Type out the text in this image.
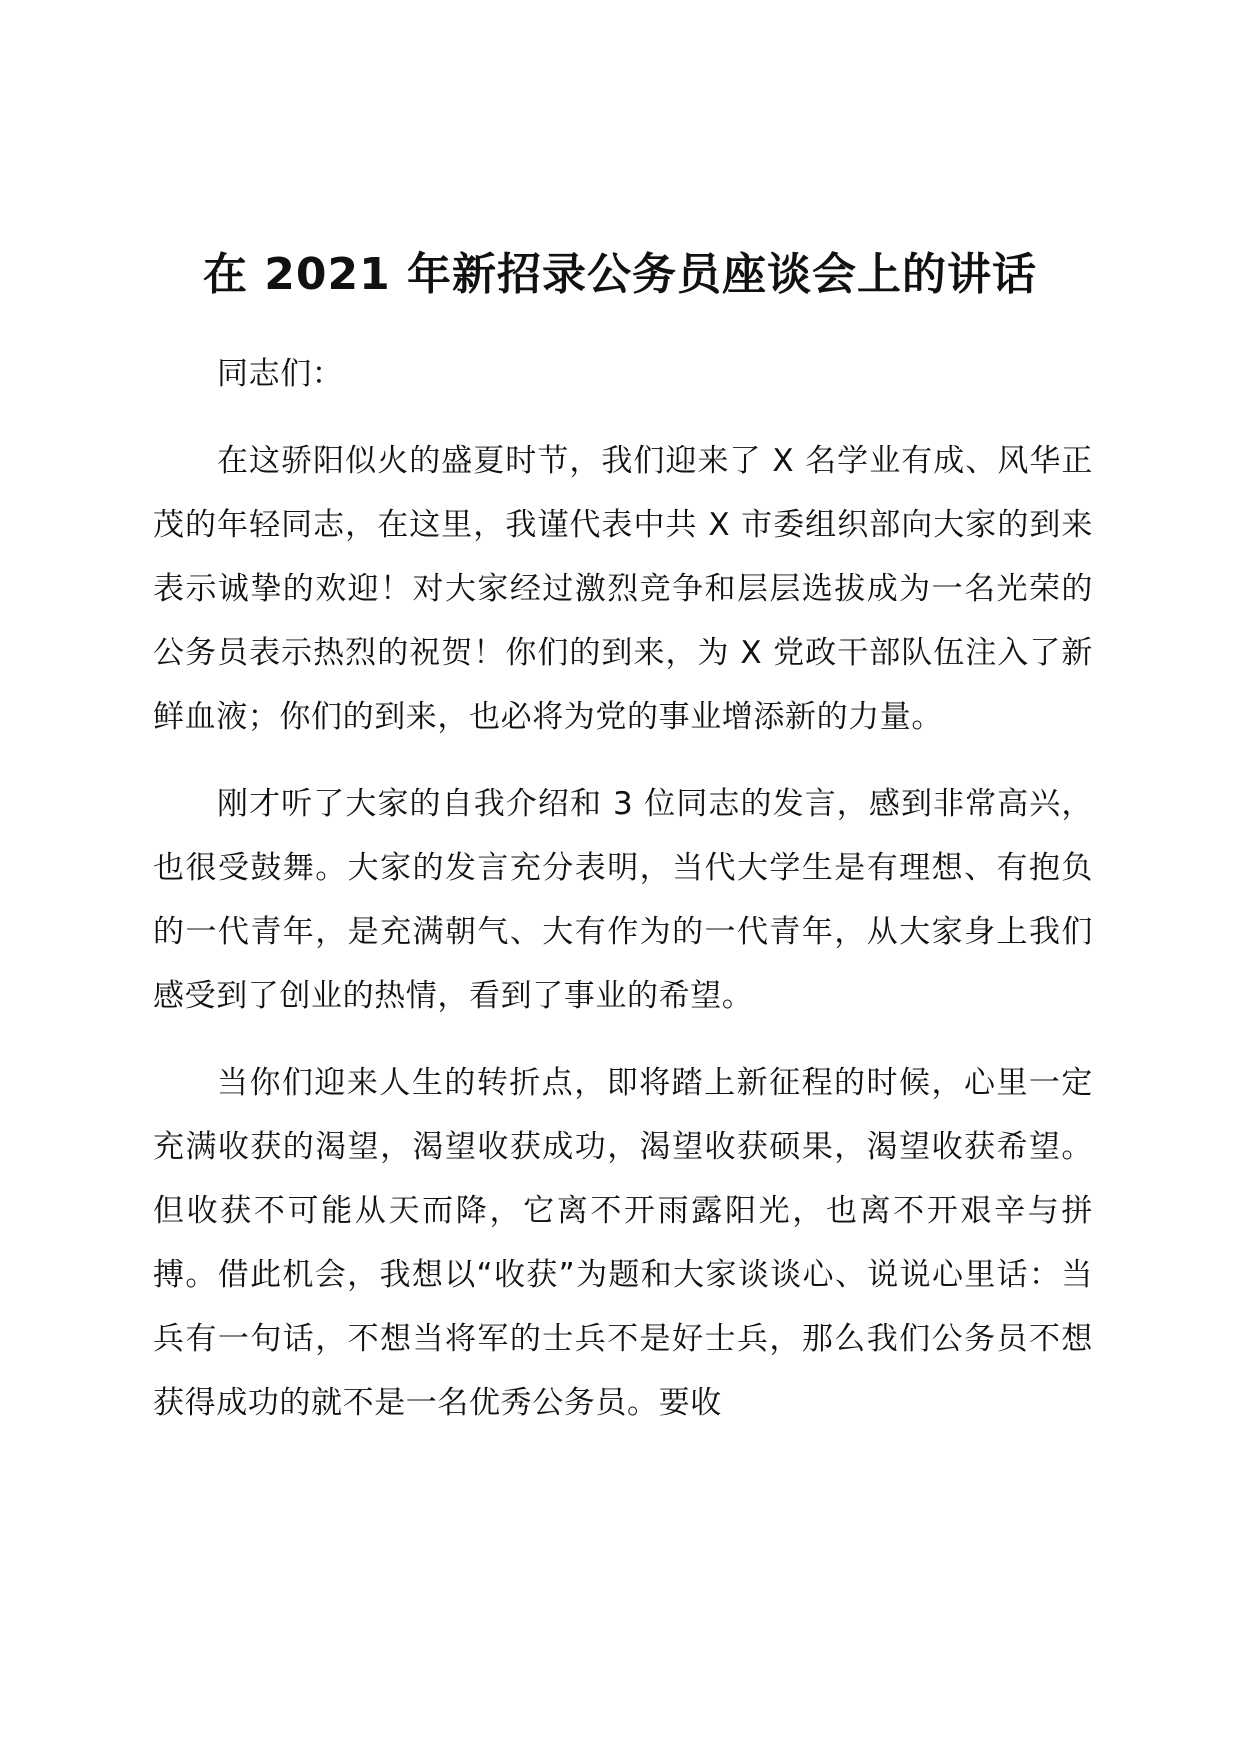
在 2021 年新招录公务员座谈会上的讲话

同志们：

在这骄阳似火的盛夏时节，我们迎来了 X 名学业有成、风华正茂的年轻同志，在这里，我谨代表中共 X 市委组织部向大家的到来表示诚挚的欢迎！对大家经过激烈竞争和层层选拔成为一名光荣的公务员表示热烈的祝贺！你们的到来，为 X 党政干部队伍注入了新鲜血液；你们的到来，也必将为党的事业增添新的力量。

刚才听了大家的自我介绍和 3 位同志的发言，感到非常高兴，也很受鼓舞。大家的发言充分表明，当代大学生是有理想、有抱负的一代青年，是充满朝气、大有作为的一代青年，从大家身上我们感受到了创业的热情，看到了事业的希望。

当你们迎来人生的转折点，即将踏上新征程的时候，心里一定充满收获的渴望，渴望收获成功，渴望收获硕果，渴望收获希望。但收获不可能从天而降，它离不开雨露阳光，也离不开艰辛与拼搏。借此机会，我想以“收获”为题和大家谈谈心、说说心里话：当兵有一句话，不想当将军的士兵不是好士兵，那么我们公务员不想获得成功的就不是一名优秀公务员。要收
